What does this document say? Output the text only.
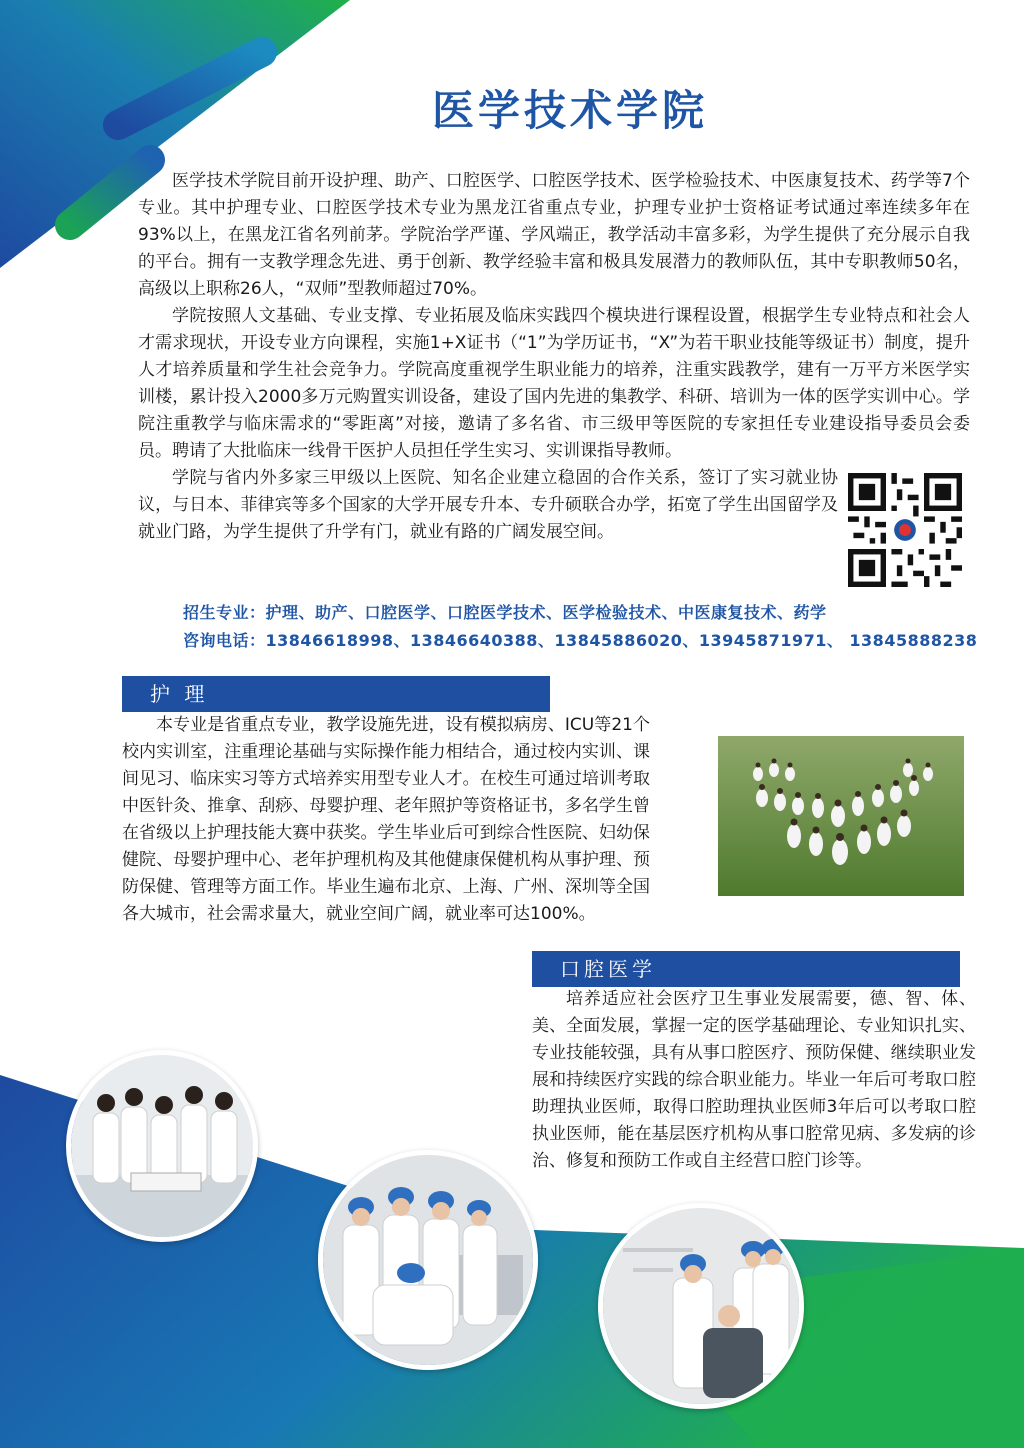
医学技术学院

医学技术学院目前开设护理、助产、口腔医学、口腔医学技术、医学检验技术、中医康复技术、药学等7个专业。其中护理专业、口腔医学技术专业为黑龙江省重点专业，护理专业护士资格证考试通过率连续多年在93%以上，在黑龙江省名列前茅。学院治学严谨、学风端正，教学活动丰富多彩，为学生提供了充分展示自我的平台。拥有一支教学理念先进、勇于创新、教学经验丰富和极具发展潜力的教师队伍，其中专职教师50名，高级以上职称26人，“双师”型教师超过70%。

学院按照人文基础、专业支撑、专业拓展及临床实践四个模块进行课程设置，根据学生专业特点和社会人才需求现状，开设专业方向课程，实施1+X证书（“1”为学历证书，“X”为若干职业技能等级证书）制度，提升人才培养质量和学生社会竞争力。学院高度重视学生职业能力的培养，注重实践教学，建有一万平方米医学实训楼，累计投入2000多万元购置实训设备，建设了国内先进的集教学、科研、培训为一体的医学实训中心。学院注重教学与临床需求的“零距离”对接，邀请了多名省、市三级甲等医院的专家担任专业建设指导委员会委员。聘请了大批临床一线骨干医护人员担任学生实习、实训课指导教师。

学院与省内外多家三甲级以上医院、知名企业建立稳固的合作关系，签订了实习就业协议，与日本、菲律宾等多个国家的大学开展专升本、专升硕联合办学，拓宽了学生出国留学及就业门路，为学生提供了升学有门，就业有路的广阔发展空间。

招生专业：护理、助产、口腔医学、口腔医学技术、医学检验技术、中医康复技术、药学
咨询电话：13846618998、13846640388、13845886020、13945871971、 13845888238
护 理

本专业是省重点专业，教学设施先进，设有模拟病房、ICU等21个校内实训室，注重理论基础与实际操作能力相结合，通过校内实训、课间见习、临床实习等方式培养实用型专业人才。在校生可通过培训考取中医针灸、推拿、刮痧、母婴护理、老年照护等资格证书，多名学生曾在省级以上护理技能大赛中获奖。学生毕业后可到综合性医院、妇幼保健院、母婴护理中心、老年护理机构及其他健康保健机构从事护理、预防保健、管理等方面工作。毕业生遍布北京、上海、广州、深圳等全国各大城市，社会需求量大，就业空间广阔，就业率可达100%。

口腔医学

培养适应社会医疗卫生事业发展需要，德、智、体、美、全面发展，掌握一定的医学基础理论、专业知识扎实、专业技能较强，具有从事口腔医疗、预防保健、继续职业发展和持续医疗实践的综合职业能力。毕业一年后可考取口腔助理执业医师，取得口腔助理执业医师3年后可以考取口腔执业医师，能在基层医疗机构从事口腔常见病、多发病的诊治、修复和预防工作或自主经营口腔门诊等。
